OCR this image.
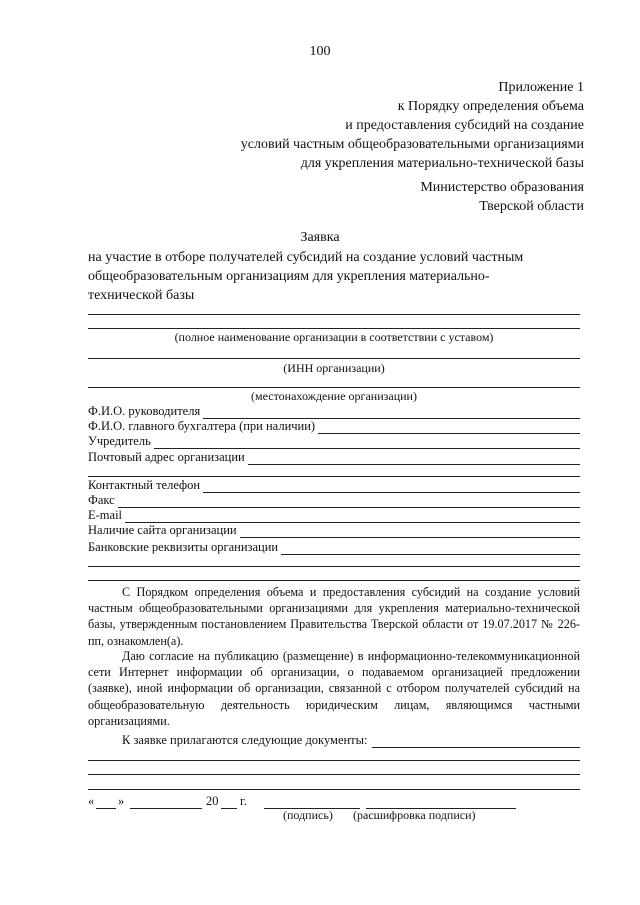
100
Приложение 1
к Порядку определения объема
и предоставления субсидий на создание
условий частным общеобразовательными организациями
для укрепления материально-технической базы
Министерство образования
Тверской области
Заявка
на участие в отборе получателей субсидий на создание условий частным
общеобразовательным организациям для укрепления материально-
технической базы
(полное наименование организации в соответствии с уставом)
(ИНН организации)
(местонахождение организации)
Ф.И.О. руководителя
Ф.И.О. главного бухгалтера (при наличии)
Учредитель
Почтовый адрес организации
Контактный телефон
Факс
E-mail
Наличие сайта организации
Банковские реквизиты организации
С Порядком определения объема и предоставления субсидий на создание условий частным общеобразовательными организациями для укрепления материально-технической базы, утвержденным постановлением Правительства Тверской области от 19.07.2017 № 226-пп, ознакомлен(а).
Даю согласие на публикацию (размещение) в информационно-телекоммуникационной сети Интернет информации об организации, о подаваемом организацией предложении (заявке), иной информации об организации, связанной с отбором получателей субсидий на общеобразовательную деятельность юридическим лицам, являющимся частными организациями.
К заявке прилагаются следующие документы:
« »	20 г.
(подпись) (расшифровка подписи)
